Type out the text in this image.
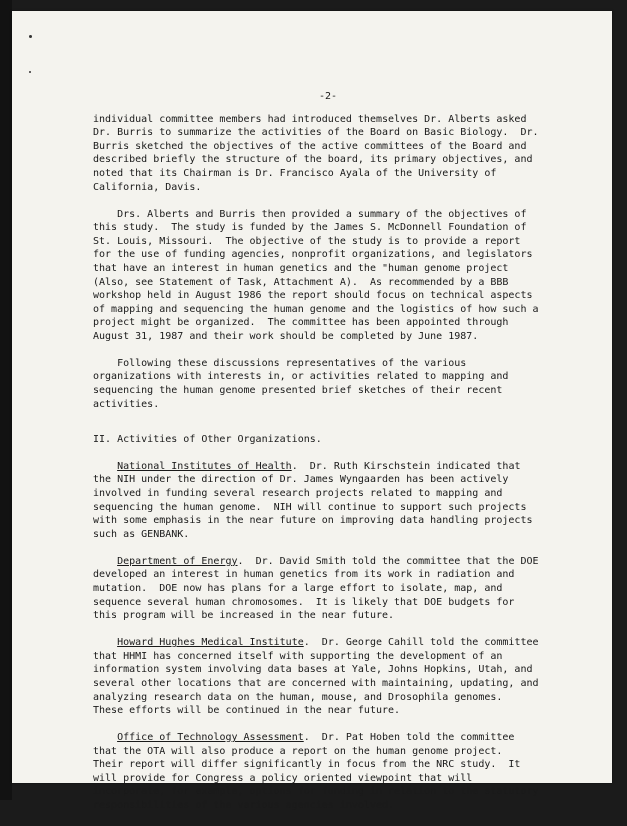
-2-

individual committee members had introduced themselves Dr. Alberts asked
Dr. Burris to summarize the activities of the Board on Basic Biology.  Dr.
Burris sketched the objectives of the active committees of the Board and
described briefly the structure of the board, its primary objectives, and
noted that its Chairman is Dr. Francisco Ayala of the University of
California, Davis.

Drs. Alberts and Burris then provided a summary of the objectives of
this study.  The study is funded by the James S. McDonnell Foundation of
St. Louis, Missouri.  The objective of the study is to provide a report
for the use of funding agencies, nonprofit organizations, and legislators
that have an interest in human genetics and the "human genome project
(Also, see Statement of Task, Attachment A).  As recommended by a BBB
workshop held in August 1986 the report should focus on technical aspects
of mapping and sequencing the human genome and the logistics of how such a
project might be organized.  The committee has been appointed through
August 31, 1987 and their work should be completed by June 1987.

Following these discussions representatives of the various
organizations with interests in, or activities related to mapping and
sequencing the human genome presented brief sketches of their recent
activities.

II. Activities of Other Organizations.

National Institutes of Health.  Dr. Ruth Kirschstein indicated that
the NIH under the direction of Dr. James Wyngaarden has been actively
involved in funding several research projects related to mapping and
sequencing the human genome.  NIH will continue to support such projects
with some emphasis in the near future on improving data handling projects
such as GENBANK.

Department of Energy.  Dr. David Smith told the committee that the DOE
developed an interest in human genetics from its work in radiation and
mutation.  DOE now has plans for a large effort to isolate, map, and
sequence several human chromosomes.  It is likely that DOE budgets for
this program will be increased in the near future.

Howard Hughes Medical Institute.  Dr. George Cahill told the committee
that HHMI has concerned itself with supporting the development of an
information system involving data bases at Yale, Johns Hopkins, Utah, and
several other locations that are concerned with maintaining, updating, and
analyzing research data on the human, mouse, and Drosophila genomes.
These efforts will be continued in the near future.

Office of Technology Assessment.  Dr. Pat Hoben told the committee
that the OTA will also produce a report on the human genome project.
Their report will differ significantly in focus from the NRC study.  It
will provide for Congress a policy oriented viewpoint that will
incorporate, for example, options for funding in relation to the statutory
responsibilities of the various agencies involved.
